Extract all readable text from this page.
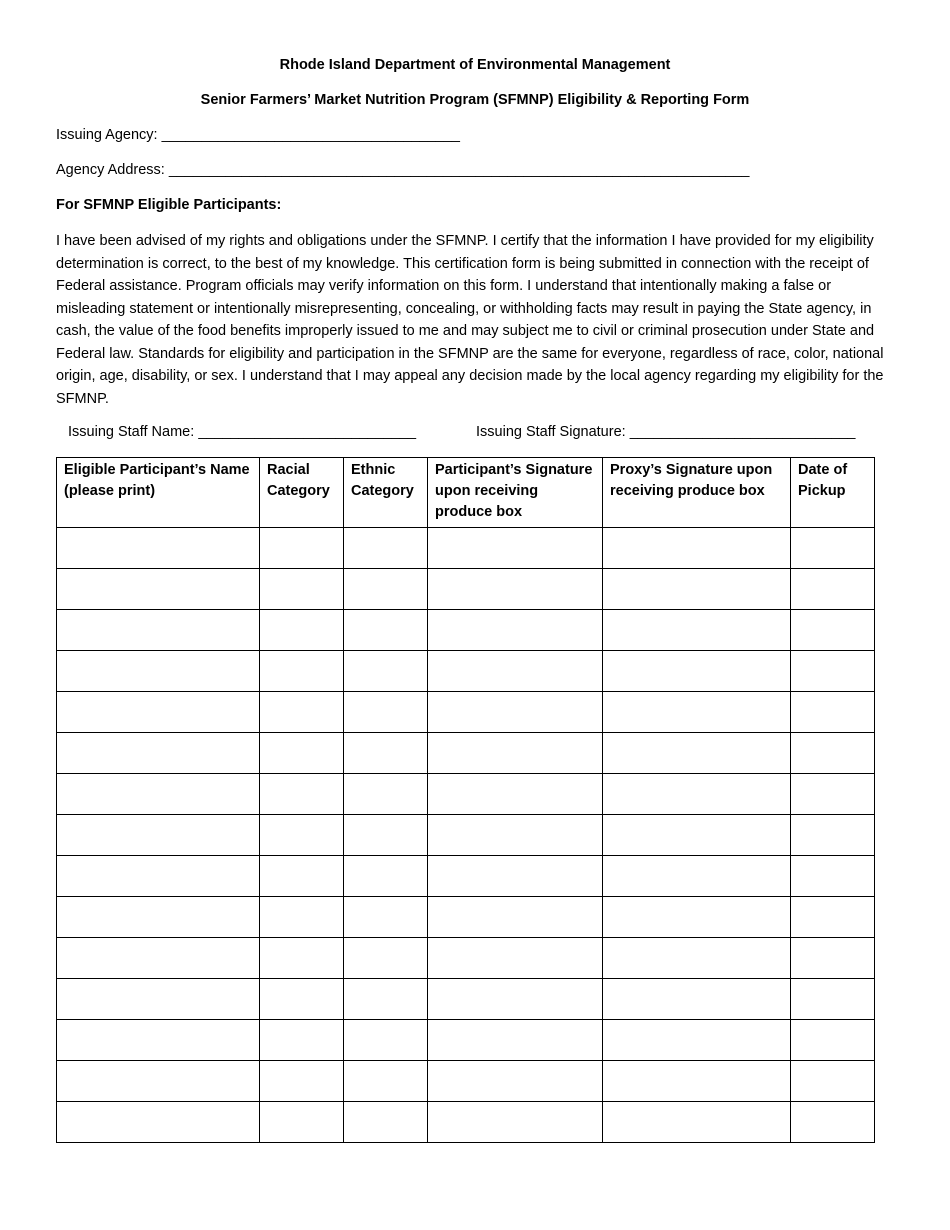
Rhode Island Department of Environmental Management
Senior Farmers’ Market Nutrition Program (SFMNP) Eligibility & Reporting Form
Issuing Agency: _____________________________________
Agency Address: ________________________________________________________________________
For SFMNP Eligible Participants:

I have been advised of my rights and obligations under the SFMNP. I certify that the information I have provided for my eligibility determination is correct, to the best of my knowledge. This certification form is being submitted in connection with the receipt of Federal assistance. Program officials may verify information on this form. I understand that intentionally making a false or misleading statement or intentionally misrepresenting, concealing, or withholding facts may result in paying the State agency, in cash, the value of the food benefits improperly issued to me and may subject me to civil or criminal prosecution under State and Federal law. Standards for eligibility and participation in the SFMNP are the same for everyone, regardless of race, color, national origin, age, disability, or sex. I understand that I may appeal any decision made by the local agency regarding my eligibility for the SFMNP.

Issuing Staff Name: ___________________________	Issuing Staff Signature: ____________________________
Eligible Participant’s Name (please print)	Racial Category	Ethnic Category	Participant’s Signature upon receiving produce box	Proxy’s Signature upon receiving produce box	Date of Pickup
